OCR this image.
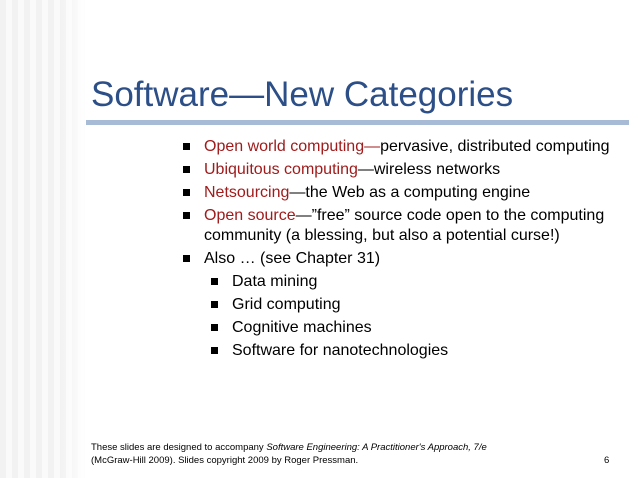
Software—New Categories
Open world computing—pervasive, distributed computing
Ubiquitous computing—wireless networks
Netsourcing—the Web as a computing engine
Open source—”free” source code open to the computing community (a blessing, but also a potential curse!)
Also … (see Chapter 31)
Data mining
Grid computing
Cognitive machines
Software for nanotechnologies
These slides are designed to accompany Software Engineering: A Practitioner's Approach, 7/e
(McGraw-Hill 2009). Slides copyright 2009 by Roger Pressman.	6
